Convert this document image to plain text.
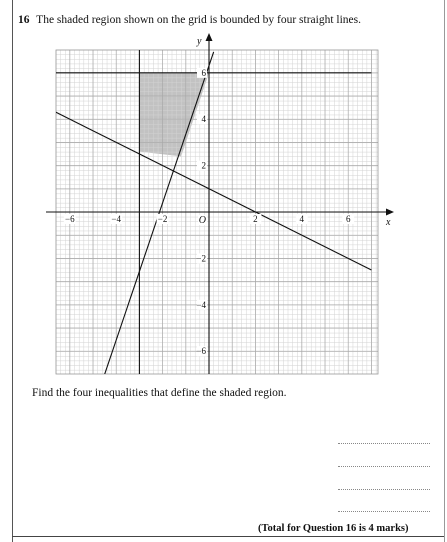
16 The shaded region shown on the grid is bounded by four straight lines.
−6	−4	−2	2	4	6
6
4
2
−2
−4
−6
O	x
y
Find the four inequalities that define the shaded region.
(Total for Question 16 is 4 marks)
